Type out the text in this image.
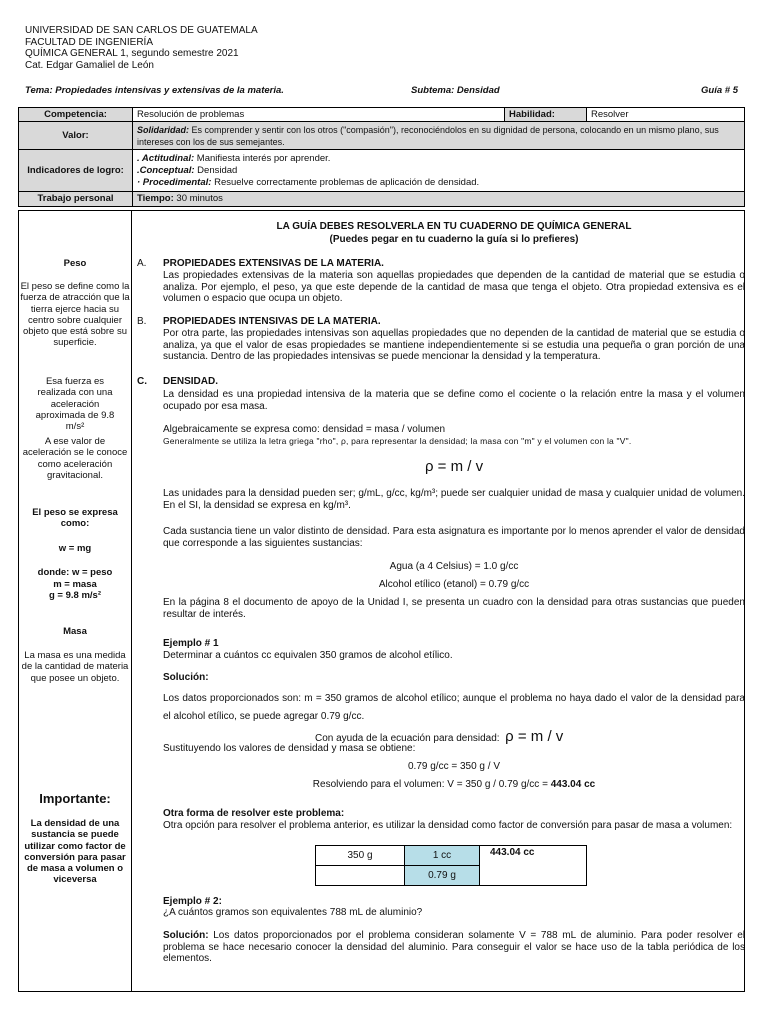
UNIVERSIDAD DE SAN CARLOS DE GUATEMALA
FACULTAD DE INGENIERÍA
QUÍMICA GENERAL 1, segundo semestre 2021
Cat. Edgar Gamaliel de León
Tema: Propiedades intensivas y extensivas de la materia.	Subtema: Densidad	Guía # 5
Competencia:	Resolución de problemas	Habilidad:	Resolver
Valor:	Solidaridad: Es comprender y sentir con los otros ("compasión"), reconociéndolos en su dignidad de persona, colocando en un mismo plano, sus intereses con los de sus semejantes.		
Indicadores de logro:	. Actitudinal: Manifiesta interés por aprender.
.Conceptual: Densidad
· Procedimental: Resuelve correctamente problemas de aplicación de densidad.		

Trabajo personal	Tiempo: 30 minutos		
Peso
El peso se define como la fuerza de atracción que la tierra ejerce hacia su centro sobre cualquier objeto que está sobre su superficie.
Esa fuerza es realizada con una aceleración aproximada de 9.8 m/s²
A ese valor de aceleración se le conoce como aceleración gravitacional.
El peso se expresa como:
w = mg
donde: w = peso
m = masa
g = 9.8 m/s²
Masa
La masa es una medida de la cantidad de materia que posee un objeto.
Importante:
La densidad de una sustancia se puede utilizar como factor de conversión para pasar de masa a volumen o viceversa
LA GUÍA DEBES RESOLVERLA EN TU CUADERNO DE QUÍMICA GENERAL
(Puedes pegar en tu cuaderno la guía si lo prefieres)
A. PROPIEDADES EXTENSIVAS DE LA MATERIA.
Las propiedades extensivas de la materia son aquellas propiedades que dependen de la cantidad de material que se estudia o analiza. Por ejemplo, el peso, ya que este depende de la cantidad de masa que tenga el objeto. Otra propiedad extensiva es el volumen o espacio que ocupa un objeto.
B. PROPIEDADES INTENSIVAS DE LA MATERIA.
Por otra parte, las propiedades intensivas son aquellas propiedades que no dependen de la cantidad de material que se estudia o analiza, ya que el valor de esas propiedades se mantiene independientemente si se estudia una pequeña o gran porción de una sustancia. Dentro de las propiedades intensivas se puede mencionar la densidad y la temperatura.
C. DENSIDAD.
La densidad es una propiedad intensiva de la materia que se define como el cociente o la relación entre la masa y el volumen ocupado por esa masa.
Algebraicamente se expresa como: densidad = masa / volumen
Generalmente se utiliza la letra griega "rho", ρ, para representar la densidad; la masa con "m" y el volumen con la "V".
ρ = m / v
Las unidades para la densidad pueden ser; g/mL, g/cc, kg/m³; puede ser cualquier unidad de masa y cualquier unidad de volumen. En el SI, la densidad se expresa en kg/m³.
Cada sustancia tiene un valor distinto de densidad. Para esta asignatura es importante por lo menos aprender el valor de densidad que corresponde a las siguientes sustancias:
Agua (a 4 Celsius) = 1.0 g/cc
Alcohol etílico (etanol) = 0.79 g/cc
En la página 8 el documento de apoyo de la Unidad I, se presenta un cuadro con la densidad para otras sustancias que pueden resultar de interés.
Ejemplo # 1
Determinar a cuántos cc equivalen 350 gramos de alcohol etílico.
Solución:
Los datos proporcionados son: m = 350 gramos de alcohol etílico; aunque el problema no haya dado el valor de la densidad para el alcohol etílico, se puede agregar 0.79 g/cc.
Con ayuda de la ecuación para densidad: ρ = m / v
Sustituyendo los valores de densidad y masa se obtiene:
0.79 g/cc = 350 g / V
Resolviendo para el volumen: V = 350 g / 0.79 g/cc = 443.04 cc
Otra forma de resolver este problema:
Otra opción para resolver el problema anterior, es utilizar la densidad como factor de conversión para pasar de masa a volumen:
350 g	1 cc	443.04 cc
	0.79 g	
Ejemplo # 2:
¿A cuántos gramos son equivalentes 788 mL de aluminio?
Solución: Los datos proporcionados por el problema consideran solamente V = 788 mL de aluminio. Para poder resolver el problema se hace necesario conocer la densidad del aluminio. Para conseguir el valor se hace uso de la tabla periódica de los elementos.
